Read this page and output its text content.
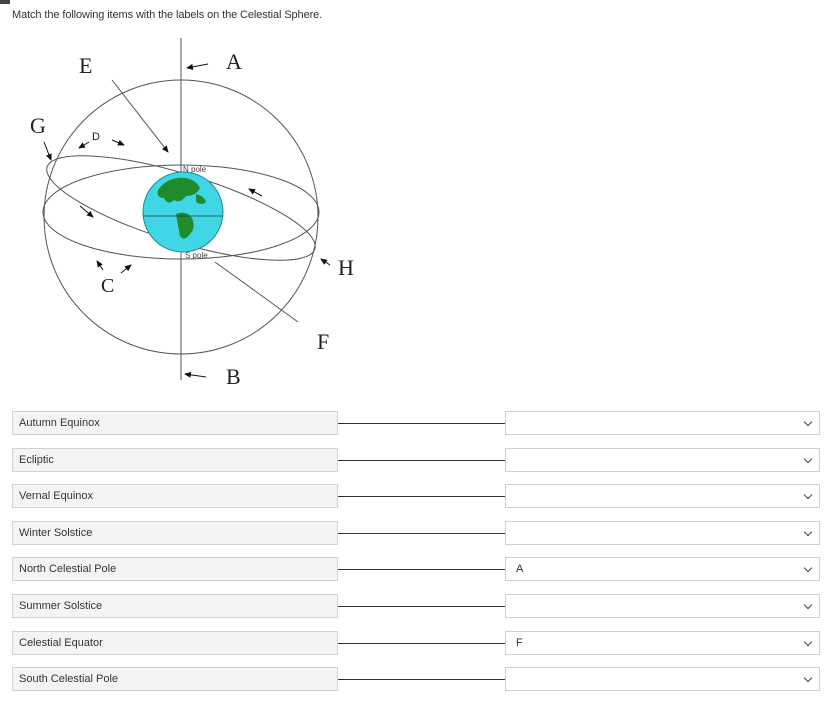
Match the following items with the labels on the Celestial Sphere.
N pole
S pole
A
B
C
D
E
F
G
H
Autumn Equinox
Ecliptic
Vernal Equinox
Winter Solstice
North Celestial Pole	A
Summer Solstice
Celestial Equator	F
South Celestial Pole
